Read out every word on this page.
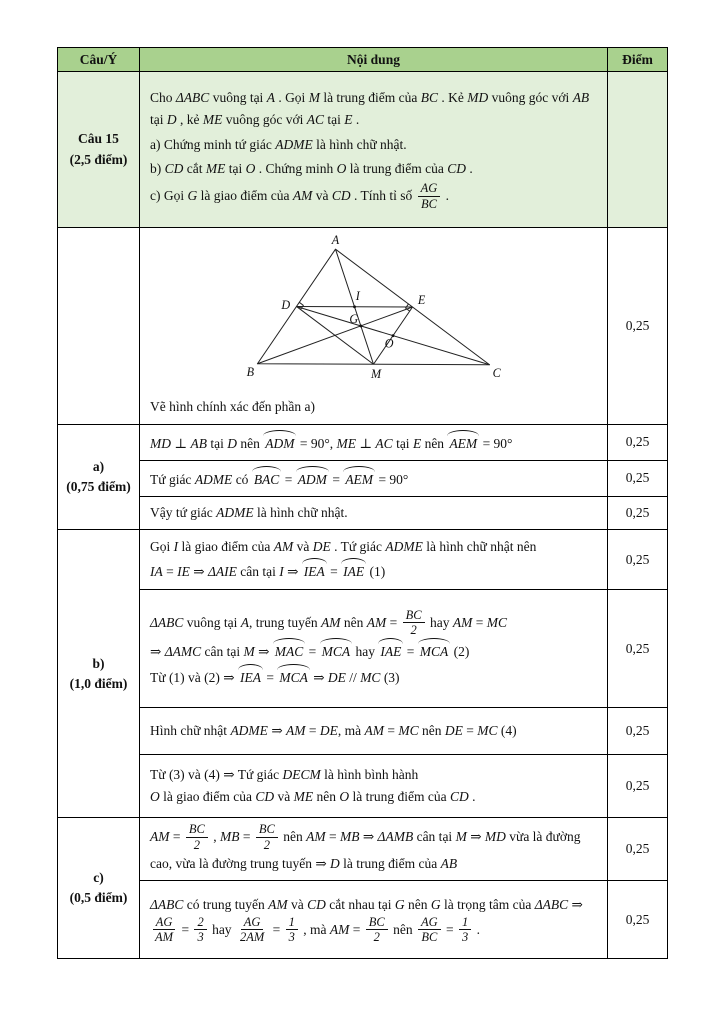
Câu/Ý	Nội dung	Điểm

Câu 15
(2,5 điểm)

Cho ΔABC vuông tại A . Gọi M là trung điểm của BC . Kẻ MD vuông góc với AB tại D , kẻ ME vuông góc với AC tại E .
a) Chứng minh tứ giác ADME là hình chữ nhật.
b) CD cắt ME tại O . Chứng minh O là trung điểm của CD .
c) Gọi G là giao điểm của AM và CD . Tính tỉ số $\frac{AG}{BC}$ .

A
B	C
M
D	E
I
G
O
Vẽ hình chính xác đến phần a)
	0,25

a)
(0,75 điểm)	MD ⊥ AB tại D nên ADM = 90°, ME ⊥ AC tại E nên AEM = 90°	0,25
	Tứ giác ADME có BAC = ADM = AEM = 90°	0,25
	Vậy tứ giác ADME là hình chữ nhật.	0,25

b)
(1,0 điểm)
	Gọi I là giao điểm của AM và DE . Tứ giác ADME là hình chữ nhật nên
IA = IE ⇒ ΔAIE cân tại I ⇒ IEA = IAE (1)	0,25
ΔABC vuông tại A, trung tuyến AM nên AM = $\frac{BC}{2}$ hay AM = MC
⇒ ΔAMC cân tại M ⇒ MAC = MCA hay IAE = MCA (2)
Từ (1) và (2) ⇒ IEA = MCA ⇒ DE // MC (3)	0,25
	Hình chữ nhật ADME ⇒ AM = DE, mà AM = MC nên DE = MC (4)	0,25
	Từ (3) và (4) ⇒ Tứ giác DECM là hình bình hành
O là giao điểm của CD và ME nên O là trung điểm của CD .	0,25

c)
(0,5 điểm)
	AM = $\frac{BC}{2}$ , MB = $\frac{BC}{2}$ nên AM = MB ⇒ ΔAMB cân tại M ⇒ MD vừa là đường cao, vừa là đường trung tuyến ⇒ D là trung điểm của AB	0,25
ΔABC có trung tuyến AM và CD cắt nhau tại G nên G là trọng tâm của ΔABC ⇒
$\frac{AG}{AM} = \frac{2}{3}$ hay $\frac{AG}{2AM} = \frac{1}{3}$ , mà AM = $\frac{BC}{2}$ nên $\frac{AG}{BC} = \frac{1}{3}$ .	0,25
